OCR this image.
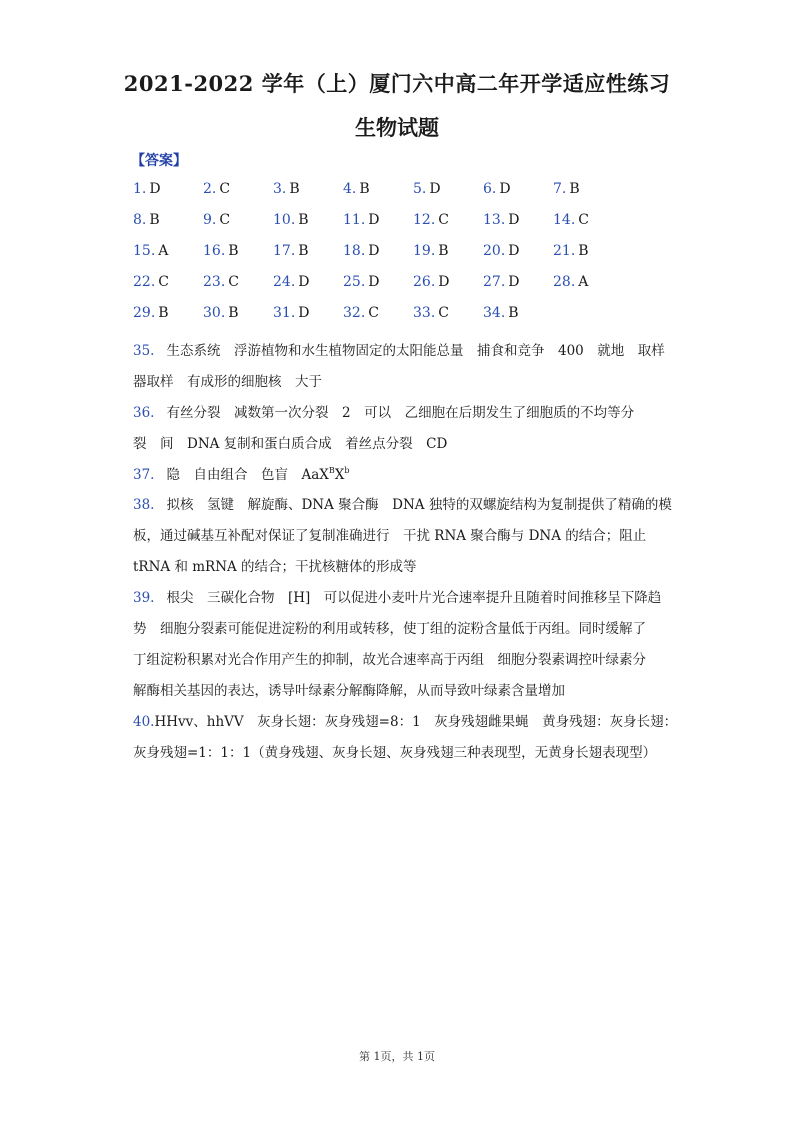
2021-2022 学年（上）厦门六中高二年开学适应性练习
生物试题
【答案】
1. D	2. C	3. B	4. B	5. D	6. D	7. B
8. B	9. C	10. B 11. D 12. C 13. D 14. C
15. A 16. B 17. B 18. D 19. B 20. D 21. B
22. C 23. C 24. D 25. D 26. D 27. D 28. A
29. B 30. B 31. D 32. C 33. C 34. B
35. 生态系统　浮游植物和水生植物固定的太阳能总量　捕食和竞争　400　就地　取样
器取样　有成形的细胞核　大于
36. 有丝分裂　减数第一次分裂　2　可以　乙细胞在后期发生了细胞质的不均等分
裂　间　DNA 复制和蛋白质合成　着丝点分裂　CD
37. 隐　自由组合　色盲　$AaX^BX^b$
38. 拟核　氢键　解旋酶、DNA 聚合酶　DNA 独特的双螺旋结构为复制提供了精确的模
板，通过碱基互补配对保证了复制准确进行　干扰 RNA 聚合酶与 DNA 的结合；阻止
tRNA 和 mRNA 的结合；干扰核糖体的形成等
39. 根尖　三碳化合物　[H]　可以促进小麦叶片光合速率提升且随着时间推移呈下降趋
势　细胞分裂素可能促进淀粉的利用或转移，使丁组的淀粉含量低于丙组。同时缓解了
丁组淀粉积累对光合作用产生的抑制，故光合速率高于丙组　细胞分裂素调控叶绿素分
解酶相关基因的表达，诱导叶绿素分解酶降解，从而导致叶绿素含量增加
40.HHvv、hhVV　灰身长翅：灰身残翅=8：1　灰身残翅雌果蝇　黄身残翅：灰身长翅：
灰身残翅=1：1：1（黄身残翅、灰身长翅、灰身残翅三种表现型，无黄身长翅表现型）
第 1页，共 1页
